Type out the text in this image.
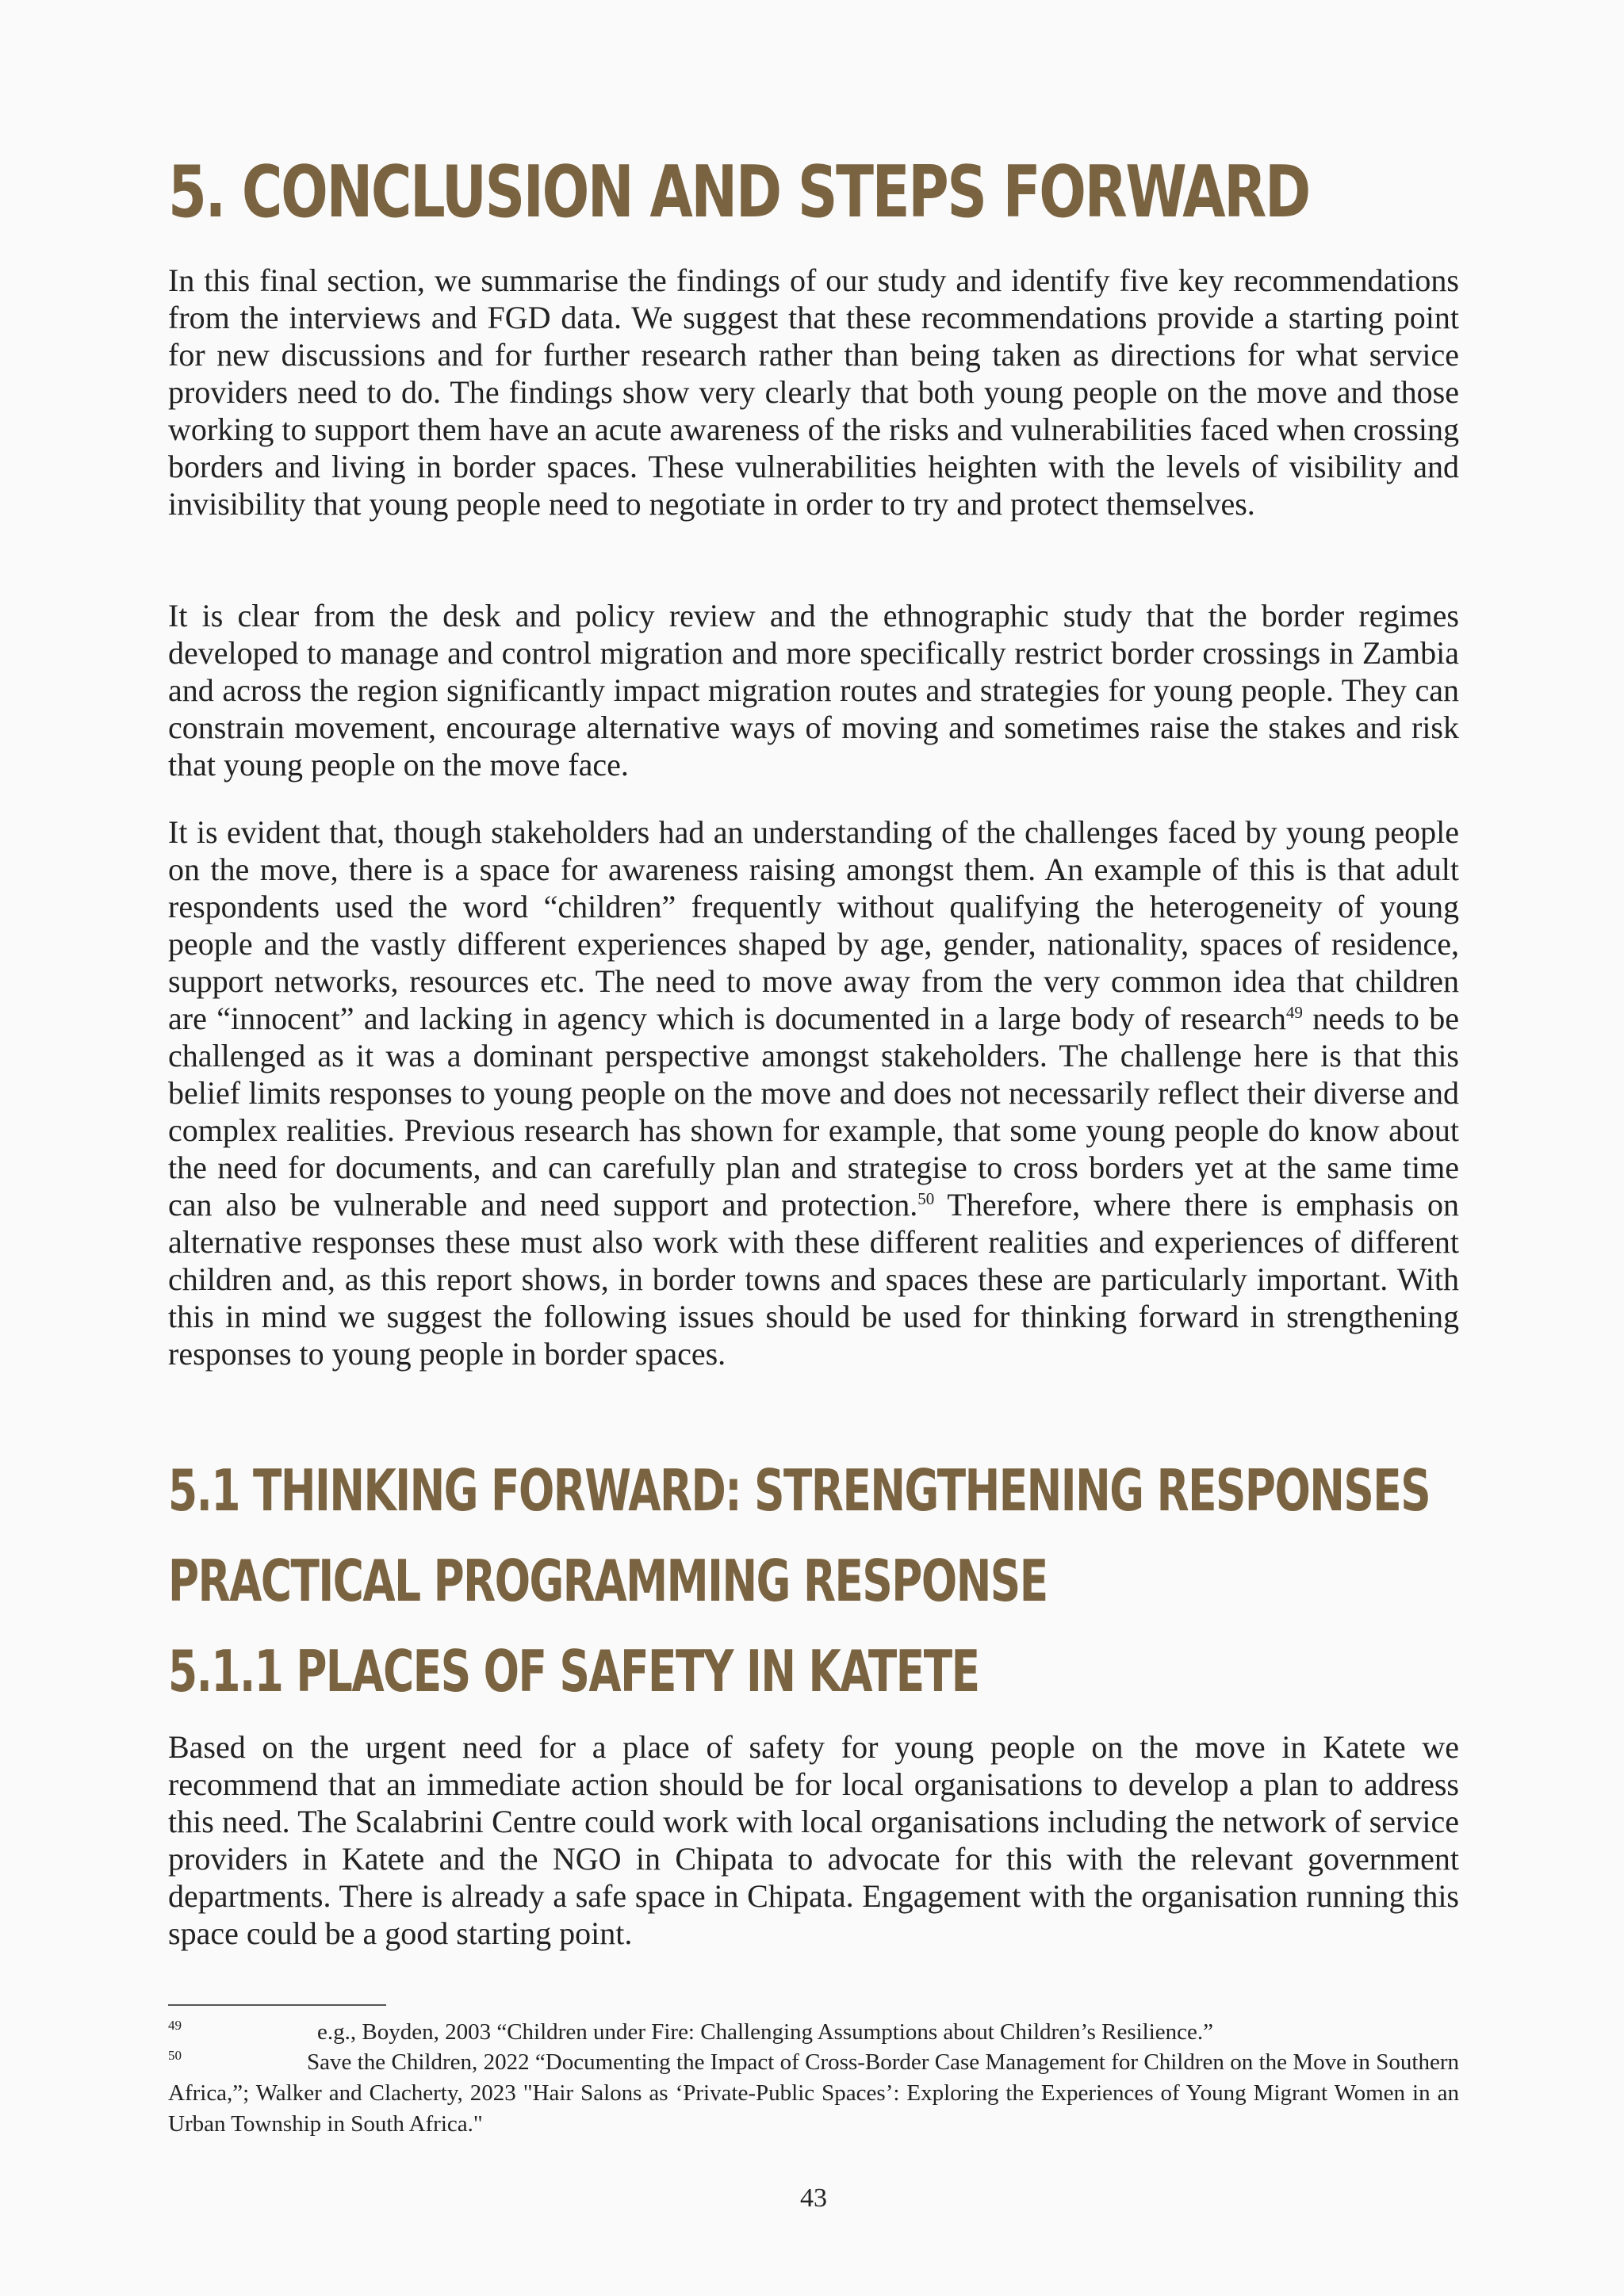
5. CONCLUSION AND STEPS FORWARD

In this final section, we summarise the findings of our study and identify five key recommendations from the interviews and FGD data. We suggest that these recommendations provide a starting point for new discussions and for further research rather than being taken as directions for what service providers need to do. The findings show very clearly that both young people on the move and those working to support them have an acute awareness of the risks and vulnerabilities faced when crossing borders and living in border spaces. These vulnerabilities heighten with the levels of visibility and invisibility that young people need to negotiate in order to try and protect themselves.

It is clear from the desk and policy review and the ethnographic study that the border regimes developed to manage and control migration and more specifically restrict border crossings in Zambia and across the region significantly impact migration routes and strategies for young people. They can constrain movement, encourage alternative ways of moving and sometimes raise the stakes and risk that young people on the move face.

It is evident that, though stakeholders had an understanding of the challenges faced by young people on the move, there is a space for awareness raising amongst them. An example of this is that adult respondents used the word “children” frequently without qualifying the heterogeneity of young people and the vastly different experiences shaped by age, gender, nationality, spaces of residence, support networks, resources etc. The need to move away from the very common idea that children are “innocent” and lacking in agency which is documented in a large body of research$^{49}$ needs to be challenged as it was a dominant perspective amongst stakeholders. The challenge here is that this belief limits responses to young people on the move and does not necessarily reflect their diverse and complex realities. Previous research has shown for example, that some young people do know about the need for documents, and can carefully plan and strategise to cross borders yet at the same time can also be vulnerable and need support and protection.$^{50}$ Therefore, where there is emphasis on alternative responses these must also work with these different realities and experiences of different children and, as this report shows, in border towns and spaces these are particularly important. With this in mind we suggest the following issues should be used for thinking forward in strengthening responses to young people in border spaces.

5.1 THINKING FORWARD: STRENGTHENING RESPONSES
PRACTICAL PROGRAMMING RESPONSE
5.1.1 PLACES OF SAFETY IN KATETE

Based on the urgent need for a place of safety for young people on the move in Katete we recommend that an immediate action should be for local organisations to develop a plan to address this need. The Scalabrini Centre could work with local organisations including the network of service providers in Katete and the NGO in Chipata to advocate for this with the relevant government departments. There is already a safe space in Chipata. Engagement with the organisation running this space could be a good starting point.

49	e.g., Boyden, 2003 “Children under Fire: Challenging Assumptions about Children’s Resilience.”

50	Save the Children, 2022 “Documenting the Impact of Cross-Border Case Management for Children on the Move in Southern Africa,”; Walker and Clacherty, 2023 "Hair Salons as ‘Private-Public Spaces’: Exploring the Experiences of Young Migrant Women in an Urban Township in South Africa."

43
